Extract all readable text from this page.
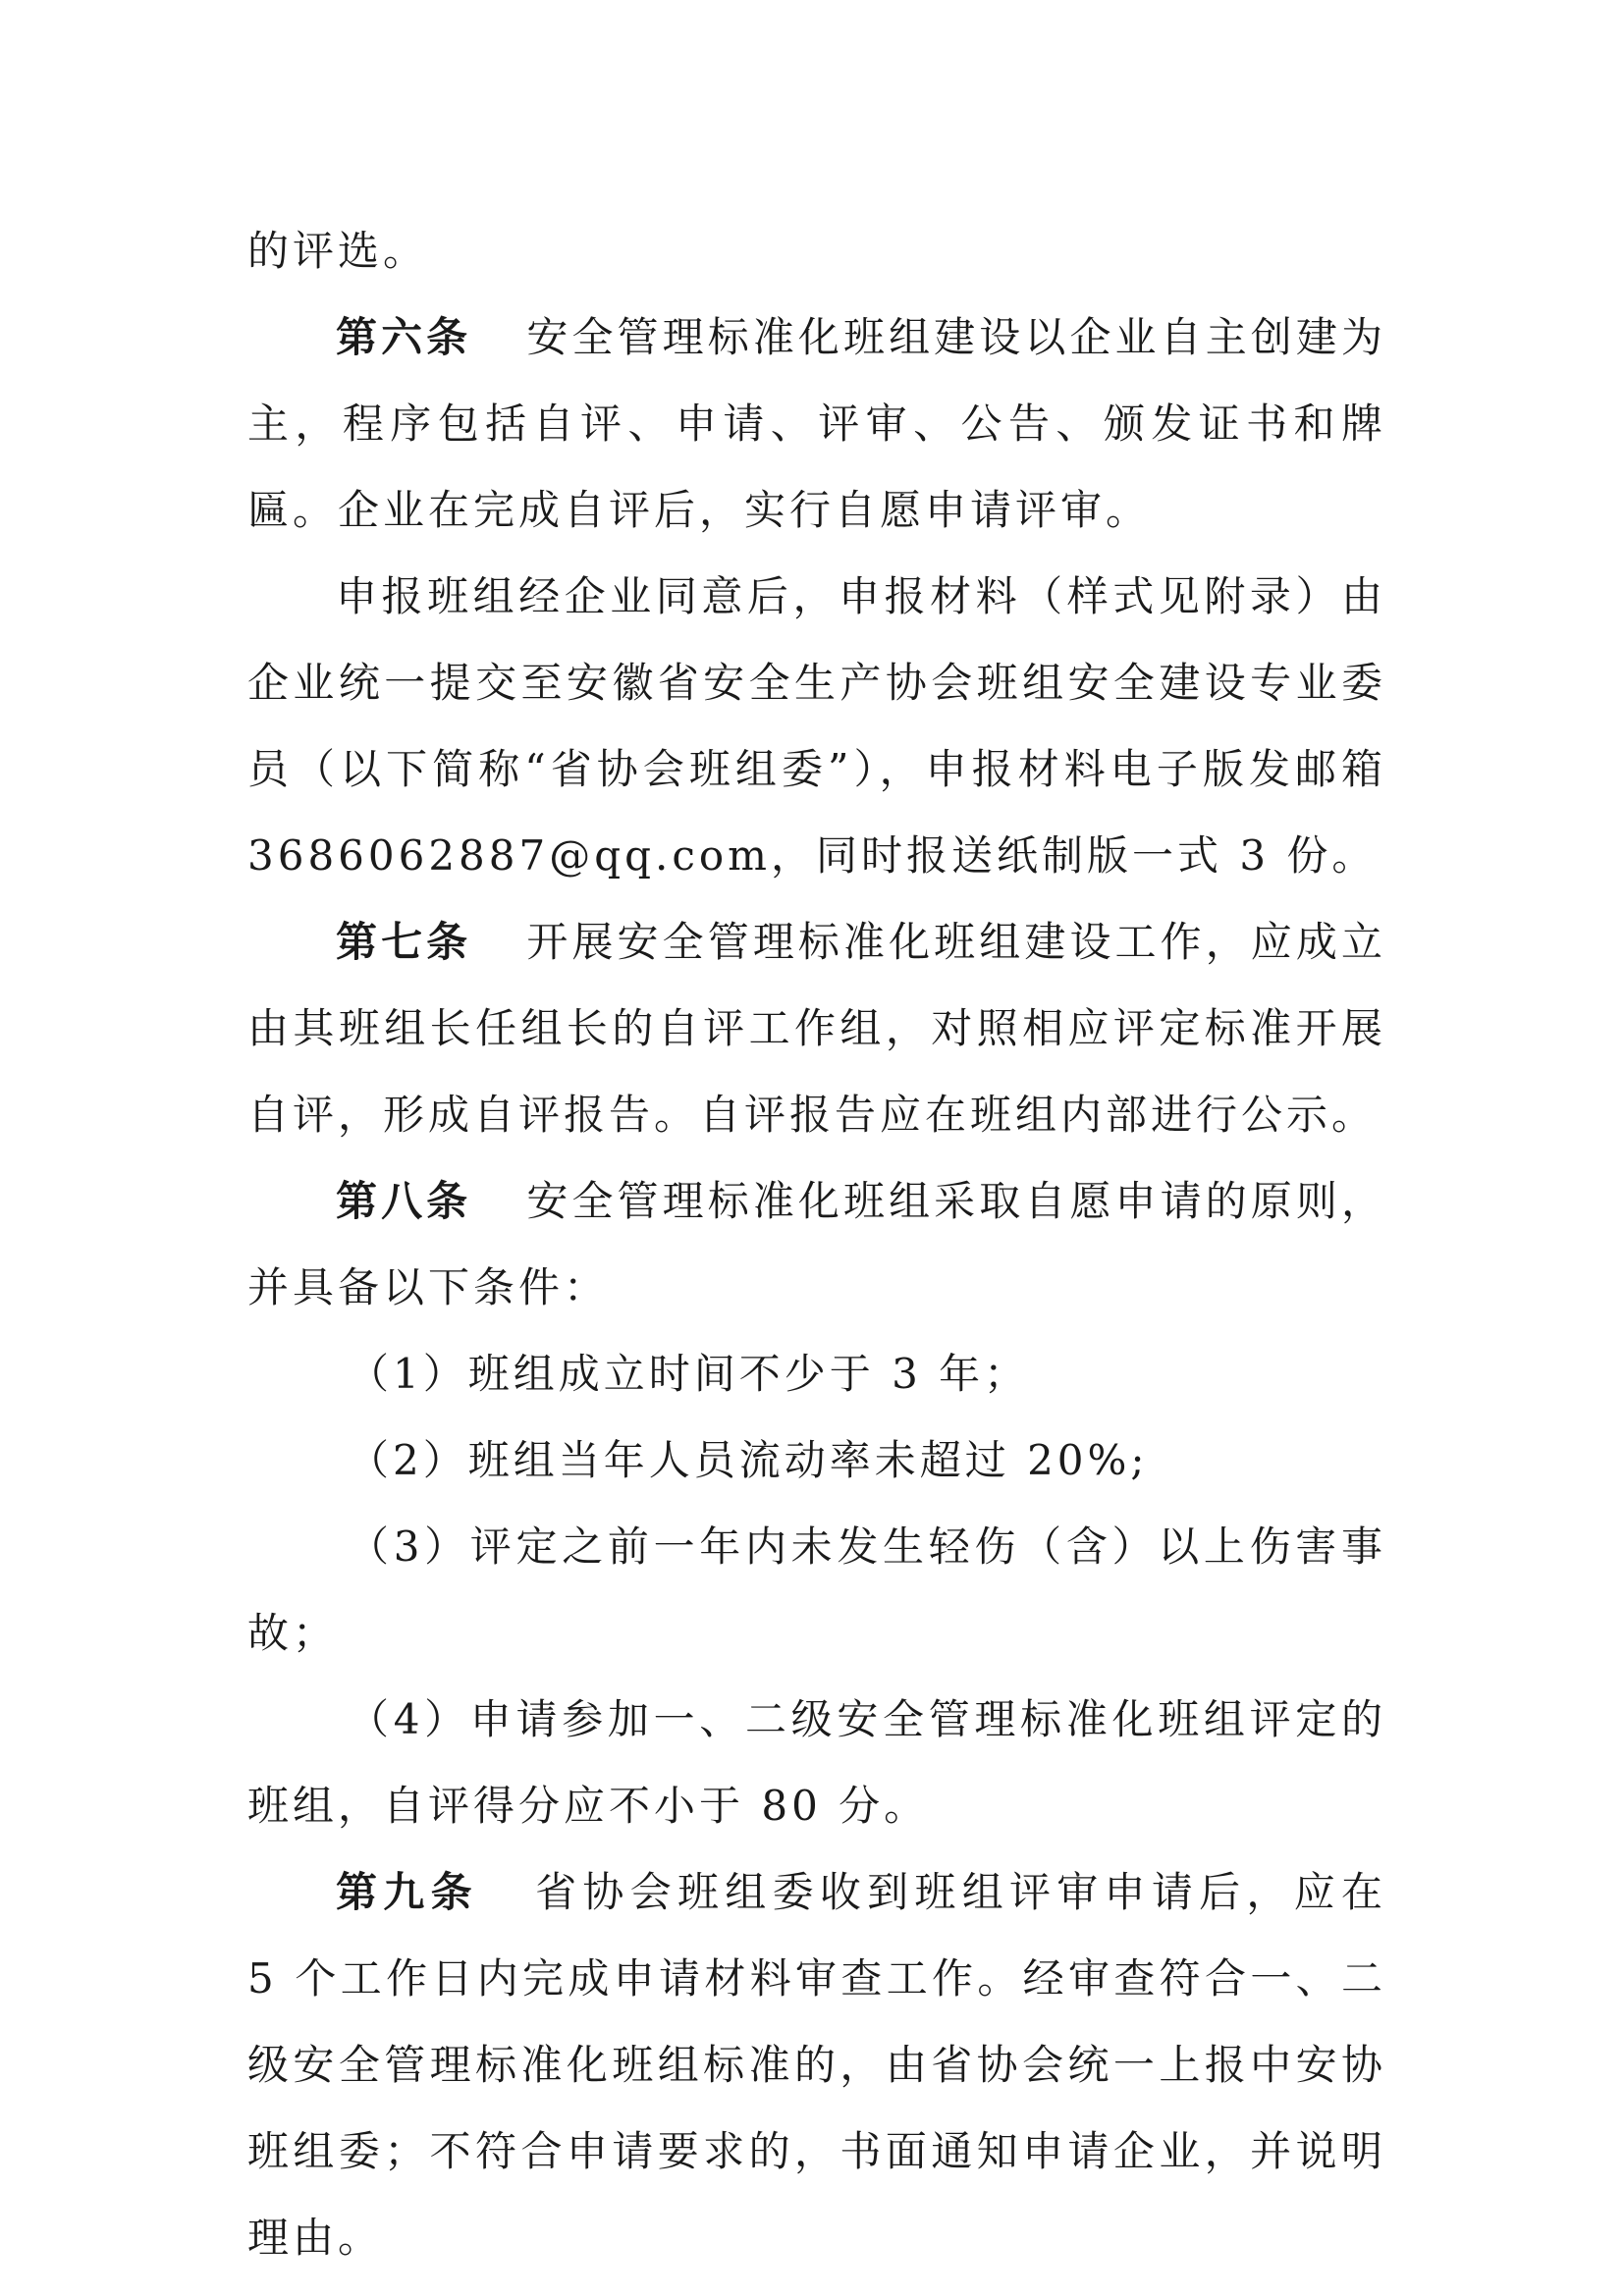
的评选。

第六条 安全管理标准化班组建设以企业自主创建为主，程序包括自评、申请、评审、公告、颁发证书和牌匾。企业在完成自评后，实行自愿申请评审。

申报班组经企业同意后，申报材料（样式见附录）由企业统一提交至安徽省安全生产协会班组安全建设专业委员（以下简称“省协会班组委”），申报材料电子版发邮箱3686062887@qq.com，同时报送纸制版一式 3 份。

第七条 开展安全管理标准化班组建设工作，应成立由其班组长任组长的自评工作组，对照相应评定标准开展自评，形成自评报告。自评报告应在班组内部进行公示。

第八条 安全管理标准化班组采取自愿申请的原则，并具备以下条件：

（1）班组成立时间不少于 3 年；

（2）班组当年人员流动率未超过 20%;

（3）评定之前一年内未发生轻伤（含）以上伤害事故；

（4）申请参加一、二级安全管理标准化班组评定的班组，自评得分应不小于 80 分。

第九条 省协会班组委收到班组评审申请后，应在 5 个工作日内完成申请材料审查工作。经审查符合一、二级安全管理标准化班组标准的，由省协会统一上报中安协班组委；不符合申请要求的，书面通知申请企业，并说明理由。
